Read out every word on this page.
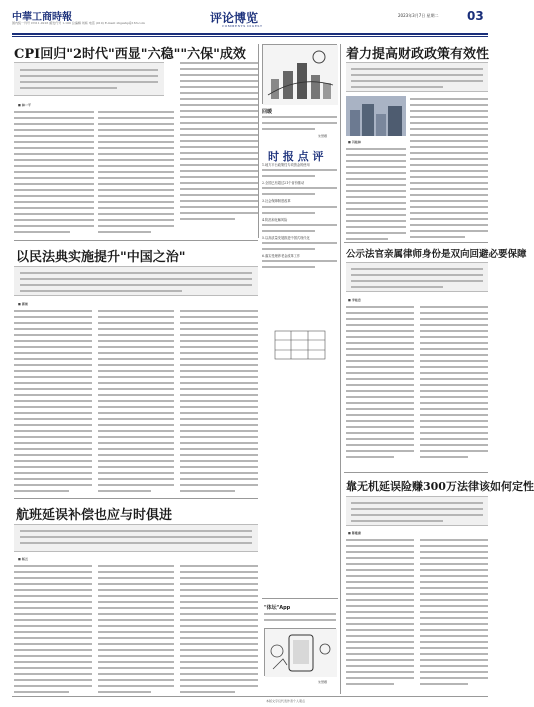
中華工商時報
国内统一刊号 CN11-0216 邮发代号 1-100 总编辑 刘杨 电话 (010) E-mail: zhgsshp@163.com	评论博览
COMMENTS DIGEST
2023年3月7日 星期二 03
CPI回归"2时代"西显"六稳""六保"成效
■ 林一平
回暖
朱慧卿
时 报 点 评
1.地方平台政策性专项资金的使用
2.全国已有超过21个省份推动
3.社会保障制度改革
4.防范和化解风险
5.以高质量发展推进中国式现代化
6.落实受理养老金改革工作
以民法典实施提升"中国之治"
■ 郭颂
航班延误补偿也应与时俱进
■ 杨云
"体坛"App
朱慧卿
着力提高财政政策有效性
■ 冯桂林
公示法官亲属律师身份是双向回避必要保障
■ 李桂忠
靠无机延误险赚300万法律该如何定性
■ 陈维康
本版文字仅代表作者个人观点
